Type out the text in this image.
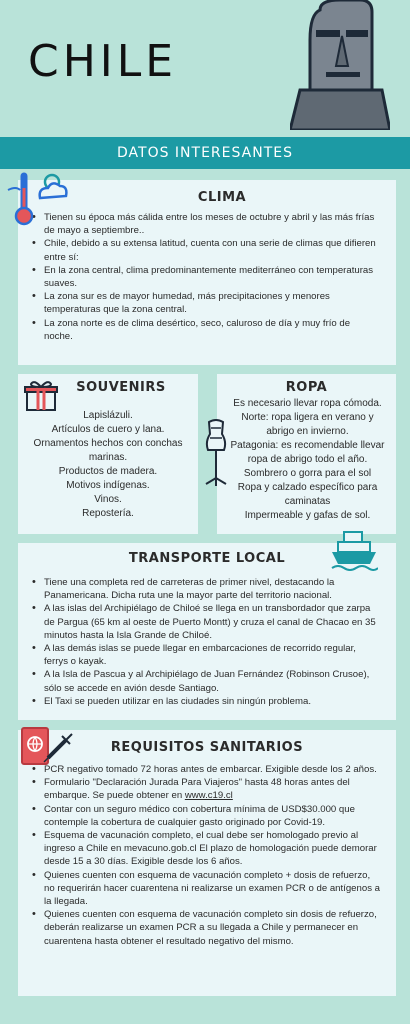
CHILE
DATOS INTERESANTES
CLIMA
• Tienen su época más cálida entre los meses de octubre y abril y las más frías de mayo a septiembre..
• Chile, debido a su extensa latitud, cuenta con una serie de climas que difieren entre sí:
• En la zona central, clima predominantemente mediterráneo con temperaturas suaves.
• La zona sur es de mayor humedad, más precipitaciones y menores temperaturas que la zona central.
• La zona norte es de clima desértico, seco, caluroso de día y muy frío de noche.
SOUVENIRS

Lapislázuli.

Artículos de cuero y lana.

Ornamentos hechos con conchas marinas.

Productos de madera.

Motivos indígenas.

Vinos.

Repostería.

ROPA

Es necesario llevar ropa cómoda.

Norte: ropa ligera en verano y abrigo en invierno.

Patagonia: es recomendable llevar ropa de abrigo todo el año.

Sombrero o gorra para el sol

Ropa y calzado específico para caminatas

Impermeable y gafas de sol.

TRANSPORTE LOCAL
• Tiene una completa red de carreteras de primer nivel, destacando la Panamericana. Dicha ruta une la mayor parte del territorio nacional.
• A las islas del Archipiélago de Chiloé se llega en un transbordador que zarpa de Pargua (65 km al oeste de Puerto Montt) y cruza el canal de Chacao en 35 minutos hasta la Isla Grande de Chiloé.
• A las demás islas se puede llegar en embarcaciones de recorrido regular, ferrys o kayak.
• A la Isla de Pascua y al Archipiélago de Juan Fernández (Robinson Crusoe), sólo se accede en avión desde Santiago.
• El Taxi se pueden utilizar en las ciudades sin ningún problema.
REQUISITOS SANITARIOS
• PCR negativo tomado 72 horas antes de embarcar. Exigible desde los 2 años.
• Formulario "Declaración Jurada Para Viajeros" hasta 48 horas antes del embarque. Se puede obtener en www.c19.cl
• Contar con un seguro médico con cobertura mínima de USD$30.000 que contemple la cobertura de cualquier gasto originado por Covid-19.
• Esquema de vacunación completo, el cual debe ser homologado previo al ingreso a Chile en mevacuno.gob.cl El plazo de homologación puede demorar desde 15 a 30 días. Exigible desde los 6 años.
• Quienes cuenten con esquema de vacunación completo + dosis de refuerzo, no requerirán hacer cuarentena ni realizarse un examen PCR o de antígenos a la llegada.
• Quienes cuenten con esquema de vacunación completo sin dosis de refuerzo, deberán realizarse un examen PCR a su llegada a Chile y permanecer en cuarentena hasta obtener el resultado negativo del mismo.
